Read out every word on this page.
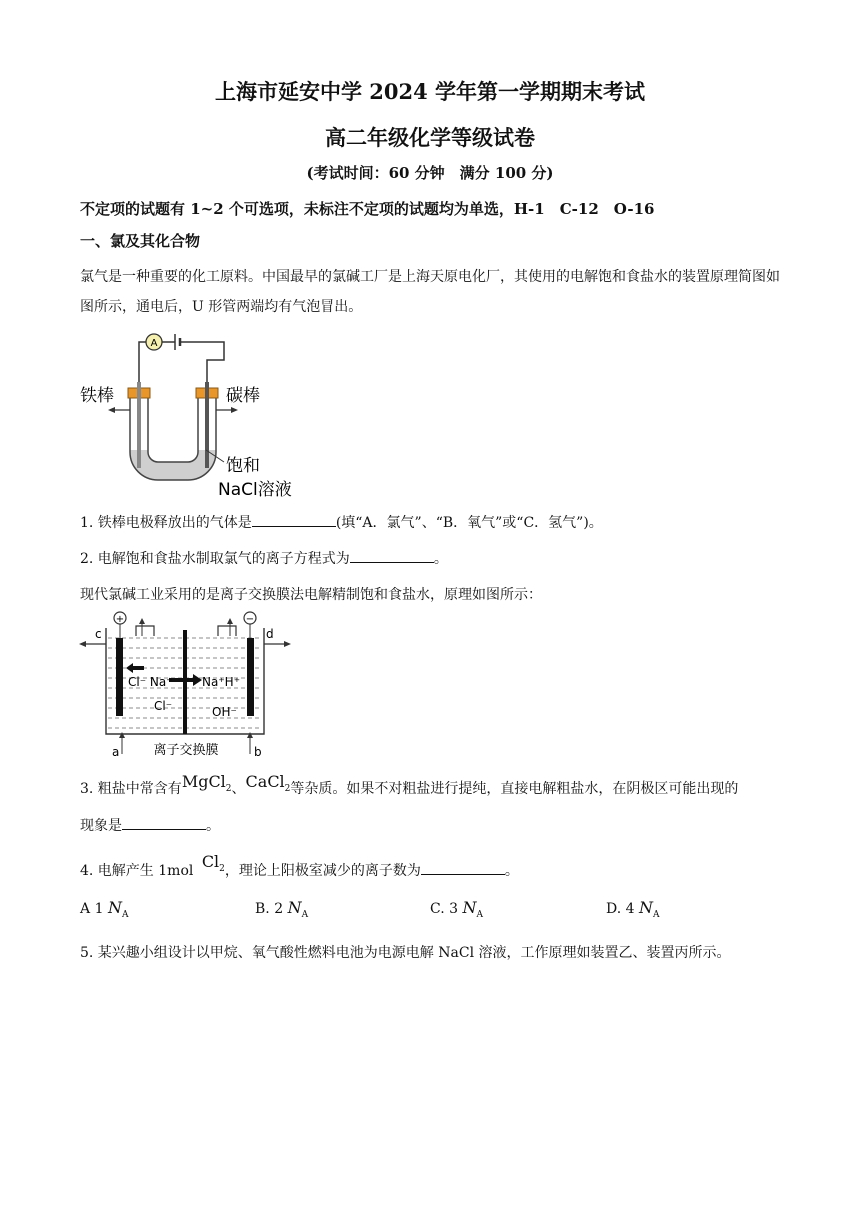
上海市延安中学 2024 学年第一学期期末考试
高二年级化学等级试卷
(考试时间：60 分钟　满分 100 分)
不定项的试题有 1~2 个可选项，未标注不定项的试题均为单选，H-1　C-12　O-16
一、氯及其化合物
氯气是一种重要的化工原料。中国最早的氯碱工厂是上海天原电化厂，其使用的电解饱和食盐水的装置原理简图如图所示，通电后，U 形管两端均有气泡冒出。
A
铁棒	碳棒
饱和
NaCl溶液
1. 铁棒电极释放出的气体是	(填“A．氯气”、“B．氧气”或“C．氢气”)。
2. 电解饱和食盐水制取氯气的离子方程式为	。
现代氯碱工业采用的是离子交换膜法电解精制饱和食盐水，原理如图所示：
c	d
+	−
Cl⁻ Na⁺ Na⁺H⁺
Cl⁻	OH⁻
a	b
离子交换膜
3. 粗盐中常含有MgCl$_2$、CaCl$_2$等杂质。如果不对粗盐进行提纯，直接电解粗盐水，在阴极区可能出现的
现象是	。
4. 电解产生 1mol $Cl_2$，理论上阳极室减少的离子数为	。
A 1 $N_A$	B. 2 $N_A$	C. 3 $N_A$	D. 4 $N_A$
5. 某兴趣小组设计以甲烷、氧气酸性燃料电池为电源电解 NaCl 溶液，工作原理如装置乙、装置丙所示。
